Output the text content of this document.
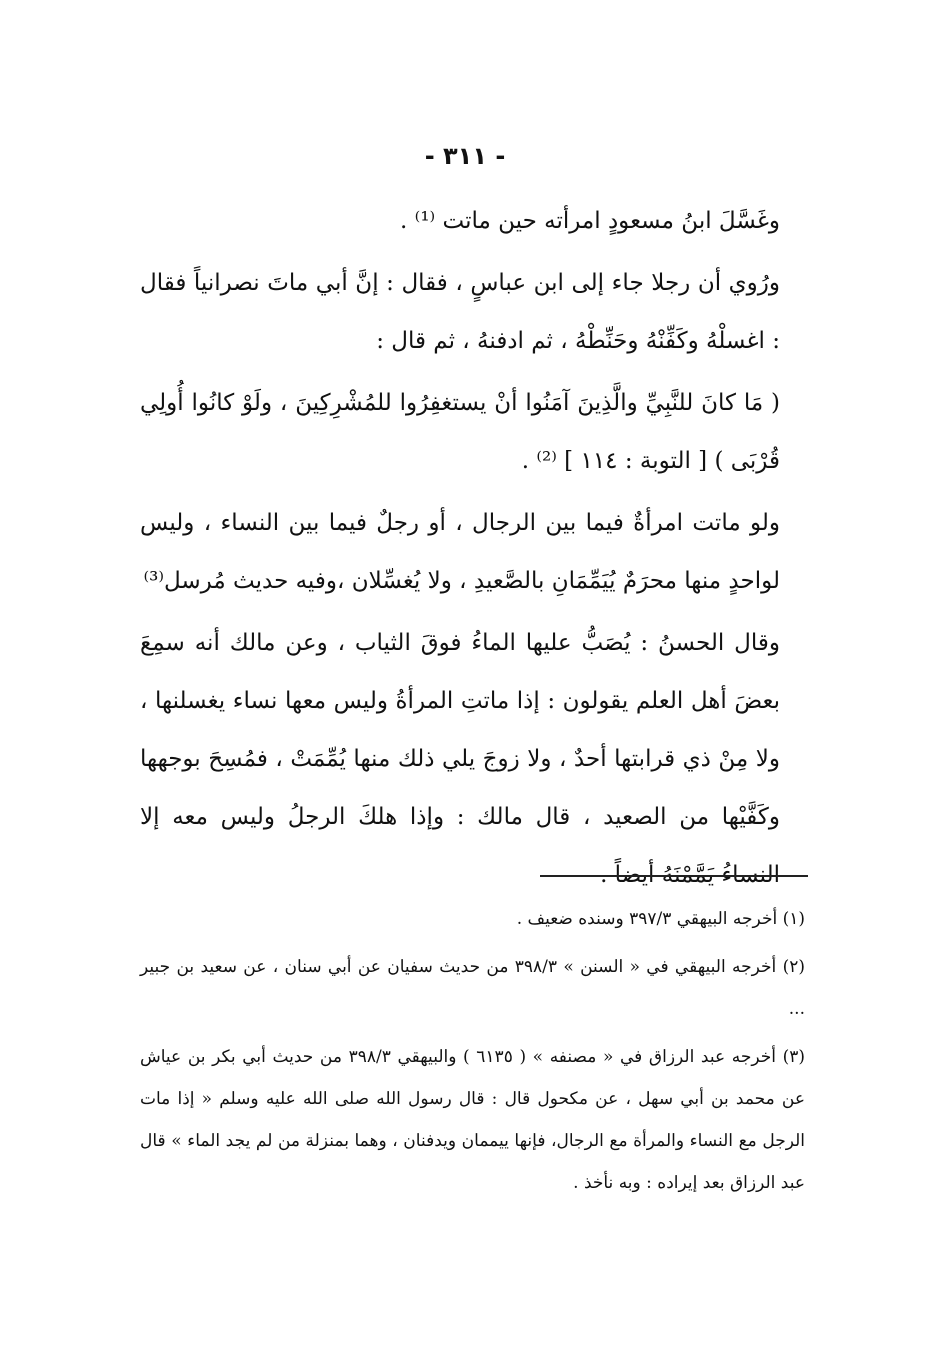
- ٣١١ -

وغَسَّلَ ابنُ مسعودٍ امرأته حين ماتت ⁽¹⁾ .

ورُوي أن رجلا جاء إلى ابن عباسٍ ، فقال : إنَّ أبي ماتَ نصرانياً فقال : اغسلْهُ وكَفِّنْهُ وحَنِّطْهُ ، ثم ادفنهُ ، ثم قال :

( مَا كانَ للنَّبِيِّ والَّذِينَ آمَنُوا أنْ يستغفِرُوا للمُشْرِكِينَ ، ولَوْ كانُوا أُولِي قُرْبَى ) [ التوبة : ١١٤ ] ⁽²⁾ .

ولو ماتت امرأةٌ فيما بين الرجال ، أو رجلٌ فيما بين النساء ، وليس لواحدٍ منها محرَمٌ يُيَمِّمَانِ بالصَّعيدِ ، ولا يُغسِّلان ،وفيه حديث مُرسل⁽³⁾

وقال الحسنُ : يُصَبُّ عليها الماءُ فوقَ الثياب ، وعن مالك أنه سمِعَ بعضَ أهل العلم يقولون : إذا ماتتِ المرأةُ وليس معها نساء يغسلنها ، ولا مِنْ ذي قرابتها أحدٌ ، ولا زوجَ يلي ذلك منها يُمِّمَتْ ، فمُسِحَ بوجهها وكَفَّيْها من الصعيد ، قال مالك : وإذا هلكَ الرجلُ وليس معه إلا النساءُ يَمَّمْنَهُ أيضاً .

(١) أخرجه البيهقي ٣٩٧/٣ وسنده ضعيف .

(٢) أخرجه البيهقي في « السنن » ٣٩٨/٣ من حديث سفيان عن أبي سنان ، عن سعيد بن جبير ...

(٣) أخرجه عبد الرزاق في « مصنفه » ( ٦١٣٥ ) والبيهقي ٣٩٨/٣ من حديث أبي بكر بن عياش عن محمد بن أبي سهل ، عن مكحول قال : قال رسول الله صلى الله عليه وسلم « إذا مات الرجل مع النساء والمرأة مع الرجال، فإنها ييممان ويدفنان ، وهما بمنزلة من لم يجد الماء » قال عبد الرزاق بعد إيراده : وبه نأخذ .
